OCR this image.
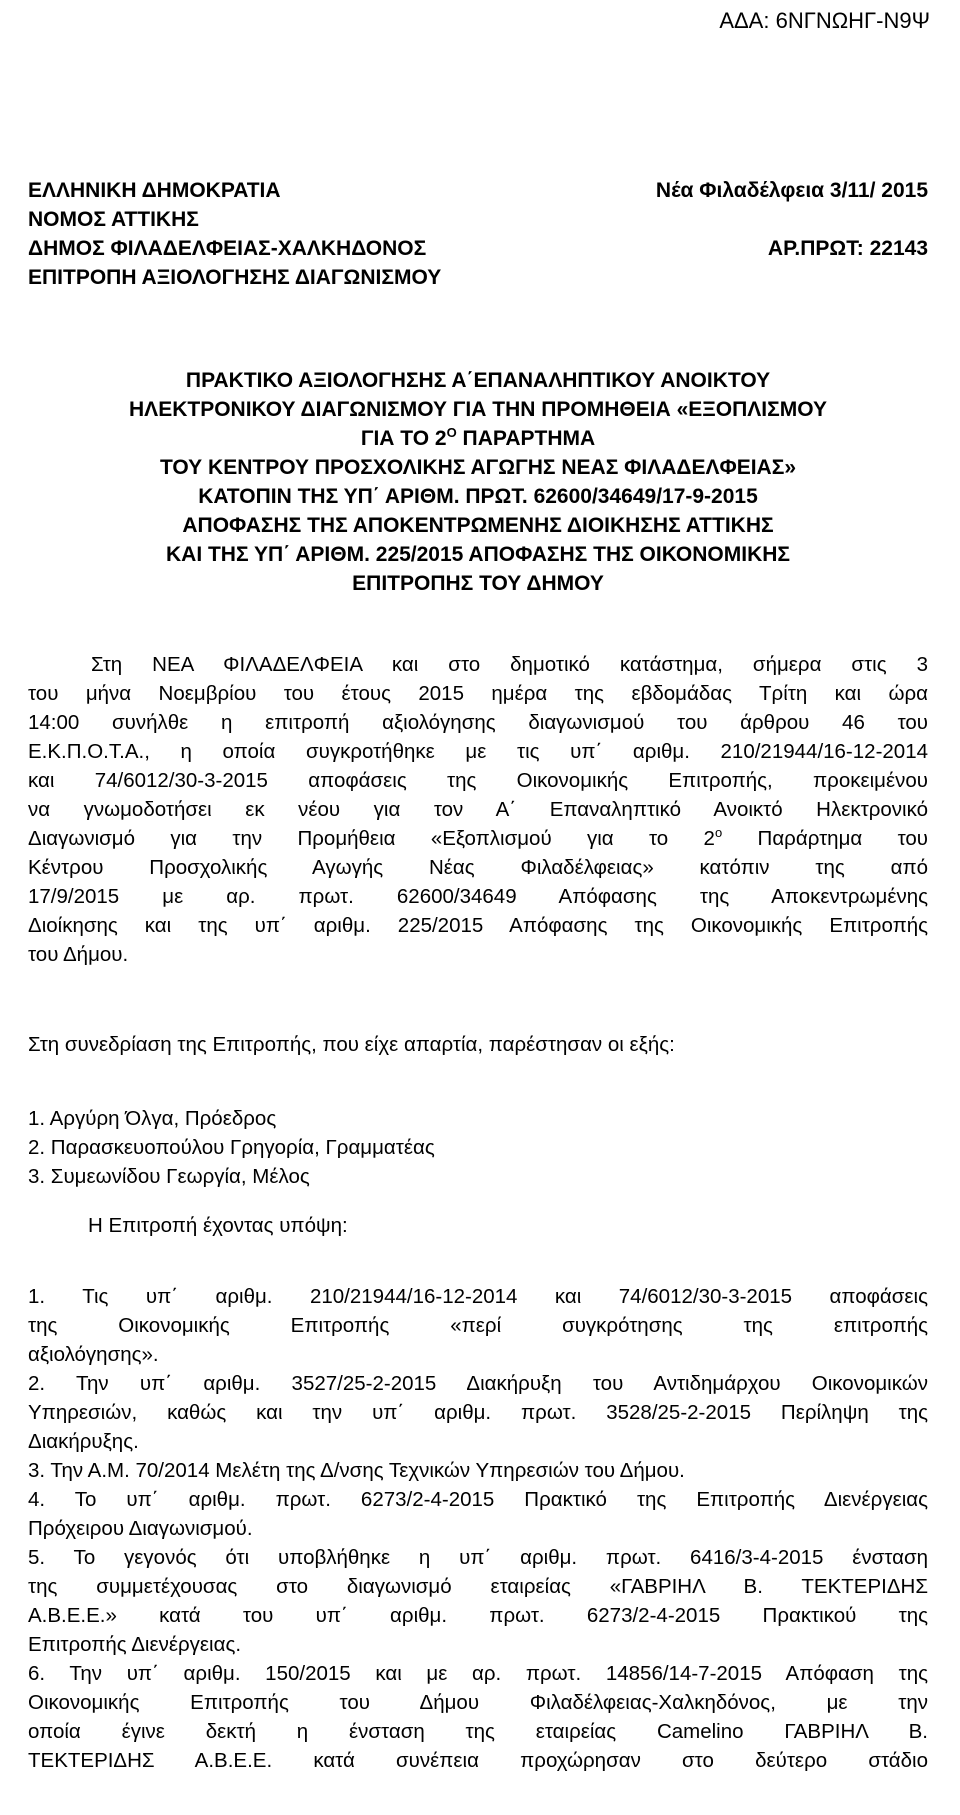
ΑΔΑ: 6ΝΓΝΩΗΓ-Ν9Ψ
ΕΛΛΗΝΙΚΗ ΔΗΜΟΚΡΑΤΙΑ	Νέα Φιλαδέλφεια 3/11/ 2015
ΝΟΜΟΣ ΑΤΤΙΚΗΣ
ΔΗΜΟΣ ΦΙΛΑΔΕΛΦΕΙΑΣ-ΧΑΛΚΗΔΟΝΟΣ	ΑΡ.ΠΡΩΤ: 22143
ΕΠΙΤΡΟΠΗ ΑΞΙΟΛΟΓΗΣΗΣ ΔΙΑΓΩΝΙΣΜΟΥ
ΠΡΑΚΤΙΚΟ ΑΞΙΟΛΟΓΗΣΗΣ Α΄ΕΠΑΝΑΛΗΠΤΙΚΟΥ ΑΝΟΙΚΤΟΥ
ΗΛΕΚΤΡΟΝΙΚΟΥ ΔΙΑΓΩΝΙΣΜΟΥ ΓΙΑ ΤΗΝ ΠΡΟΜΗΘΕΙΑ «ΕΞΟΠΛΙΣΜΟΥ
ΓΙΑ ΤΟ $2^O$ ΠΑΡΑΡΤΗΜΑ
ΤΟΥ ΚΕΝΤΡΟΥ ΠΡΟΣΧΟΛΙΚΗΣ ΑΓΩΓΗΣ ΝΕΑΣ ΦΙΛΑΔΕΛΦΕΙΑΣ»
ΚΑΤΟΠΙΝ ΤΗΣ ΥΠ΄ ΑΡΙΘΜ. ΠΡΩΤ. 62600/34649/17-9-2015
ΑΠΟΦΑΣΗΣ ΤΗΣ ΑΠΟΚΕΝΤΡΩΜΕΝΗΣ ΔΙΟΙΚΗΣΗΣ ΑΤΤΙΚΗΣ
ΚΑΙ ΤΗΣ ΥΠ΄ ΑΡΙΘΜ. 225/2015 ΑΠΟΦΑΣΗΣ ΤΗΣ ΟΙΚΟΝΟΜΙΚΗΣ
ΕΠΙΤΡΟΠΗΣ ΤΟΥ ΔΗΜΟΥ
Στη ΝΕΑ ΦΙΛΑΔΕΛΦΕΙΑ και στο δημοτικό κατάστημα, σήμερα στις 3
του μήνα Νοεμβρίου του έτους 2015 ημέρα της εβδομάδας Τρίτη και ώρα
14:00 συνήλθε η επιτροπή αξιολόγησης διαγωνισμού του άρθρου 46 του
Ε.Κ.Π.Ο.Τ.Α., η οποία συγκροτήθηκε με τις υπ΄ αριθμ. 210/21944/16-12-2014
και 74/6012/30-3-2015 αποφάσεις της Οικονομικής Επιτροπής, προκειμένου
να γνωμοδοτήσει εκ νέου για τον Α΄ Επαναληπτικό Ανοικτό Ηλεκτρονικό
Διαγωνισμό για την Προμήθεια «Εξοπλισμού για το $2^o$ Παράρτημα του
Κέντρου Προσχολικής Αγωγής Νέας Φιλαδέλφειας» κατόπιν της από
17/9/2015 με αρ. πρωτ. 62600/34649 Απόφασης της Αποκεντρωμένης
Διοίκησης και της υπ΄ αριθμ. 225/2015 Απόφασης της Οικονομικής Επιτροπής
του Δήμου.
Στη συνεδρίαση της Επιτροπής, που είχε απαρτία, παρέστησαν οι εξής:
1. Αργύρη Όλγα, Πρόεδρος
2. Παρασκευοπούλου Γρηγορία, Γραμματέας
3. Συμεωνίδου Γεωργία, Μέλος
Η Επιτροπή έχοντας υπόψη:
1. Τις υπ΄ αριθμ. 210/21944/16-12-2014 και 74/6012/30-3-2015 αποφάσεις
της Οικονομικής Επιτροπής «περί συγκρότησης της επιτροπής
αξιολόγησης».
2. Την υπ΄ αριθμ. 3527/25-2-2015 Διακήρυξη του Αντιδημάρχου Οικονομικών
Υπηρεσιών, καθώς και την υπ΄ αριθμ. πρωτ. 3528/25-2-2015 Περίληψη της
Διακήρυξης.
3. Την Α.Μ. 70/2014 Μελέτη της Δ/νσης Τεχνικών Υπηρεσιών του Δήμου.
4. Το υπ΄ αριθμ. πρωτ. 6273/2-4-2015 Πρακτικό της Επιτροπής Διενέργειας
Πρόχειρου Διαγωνισμού.
5. Το γεγονός ότι υποβλήθηκε η υπ΄ αριθμ. πρωτ. 6416/3-4-2015 ένσταση
της συμμετέχουσας στο διαγωνισμό εταιρείας «ΓΑΒΡΙΗΛ Β. ΤΕΚΤΕΡΙΔΗΣ
Α.Β.Ε.Ε.» κατά του υπ΄ αριθμ. πρωτ. 6273/2-4-2015 Πρακτικού της
Επιτροπής Διενέργειας.
6. Την υπ΄ αριθμ. 150/2015 και με αρ. πρωτ. 14856/14-7-2015 Απόφαση της
Οικονομικής Επιτροπής του Δήμου Φιλαδέλφειας-Χαλκηδόνος, με την
οποία έγινε δεκτή η ένσταση της εταιρείας Camelino ΓΑΒΡΙΗΛ Β.
ΤΕΚΤΕΡΙΔΗΣ Α.Β.Ε.Ε. κατά συνέπεια προχώρησαν στο δεύτερο στάδιο
